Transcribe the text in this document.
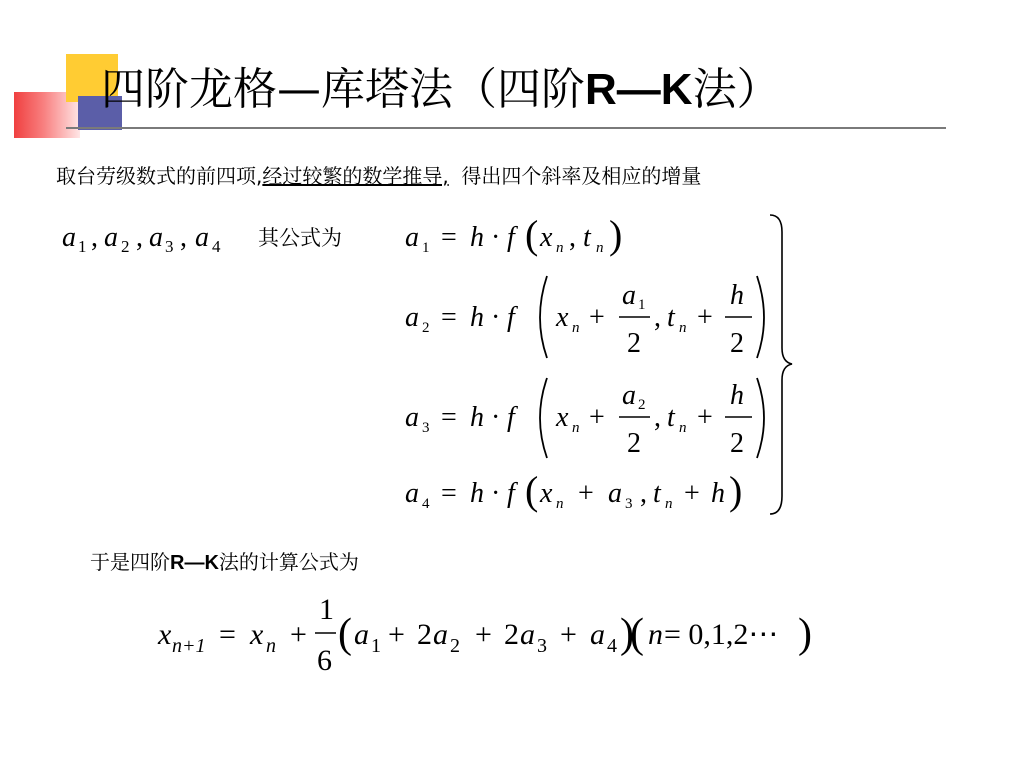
四阶龙格—库塔法（四阶R—K法）
取台劳级数式的前四项,经过较繁的数学推导,  得出四个斜率及相应的增量
其公式为
于是四阶R—K法的计算公式为
a 1 , a 2 , a 3 , a 4	a 1 = h · f ( x n , t n )
a 2 = h · f x n +
a 1
2
, t n +
h
2
a 3 = h · f x n +
a 2
2
, t n +
h
2
a 4 = h · f ( x n + a 3 , t n + h )
x n+1 = x n +
1
6
( a 1 + 2 a 2 + 2 a 3 + a 4 )
( n = 0,1,2⋯ )
